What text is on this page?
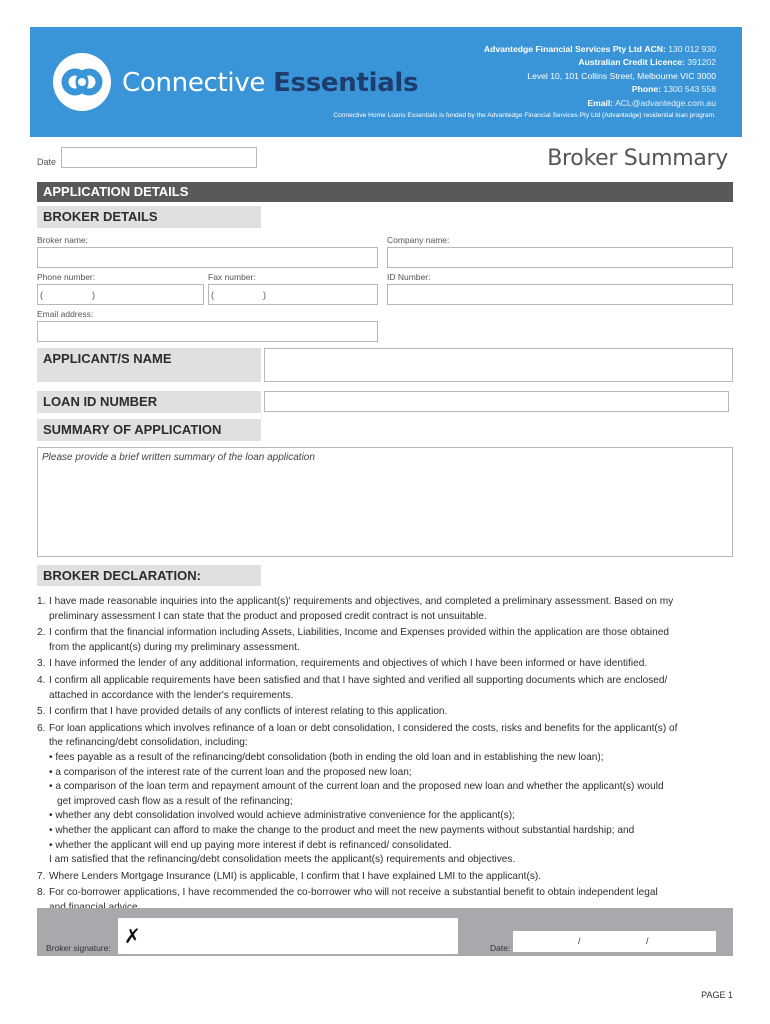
Connective Essentials
Advantedge Financial Services Pty Ltd ACN: 130 012 930
Australian Credit Licence: 391202
Level 10, 101 Collins Street, Melbourne VIC 3000
Phone: 1300 543 558
Email: ACL@advantedge.com.au
Connective Home Loans Essentials is funded by the Advantedge Financial Services Pty Ltd (Advantedge) residential loan program.
Date	Broker Summary
APPLICATION DETAILS
BROKER DETAILS
Broker name:	Company name:
Phone number:
(	)
Fax number:
(	)
ID Number:
Email address:
APPLICANT/S NAME
LOAN ID NUMBER
SUMMARY OF APPLICATION
Please provide a brief written summary of the loan application
BROKER DECLARATION:
1. I have made reasonable inquiries into the applicant(s)' requirements and objectives, and completed a preliminary assessment. Based on my
preliminary assessment I can state that the product and proposed credit contract is not unsuitable.
2. I confirm that the financial information including Assets, Liabilities, Income and Expenses provided within the application are those obtained
from the applicant(s) during my preliminary assessment.
3. I have informed the lender of any additional information, requirements and objectives of which I have been informed or have identified.
4. I confirm all applicable requirements have been satisfied and that I have sighted and verified all supporting documents which are enclosed/
attached in accordance with the lender's requirements.
5. I confirm that I have provided details of any conflicts of interest relating to this application.
6. For loan applications which involves refinance of a loan or debt consolidation, I considered the costs, risks and benefits for the applicant(s) of
the refinancing/debt consolidation, including:
• fees payable as a result of the refinancing/debt consolidation (both in ending the old loan and in establishing the new loan);
• a comparison of the interest rate of the current loan and the proposed new loan;
• a comparison of the loan term and repayment amount of the current loan and the proposed new loan and whether the applicant(s) would
get improved cash flow as a result of the refinancing;
• whether any debt consolidation involved would achieve administrative convenience for the applicant(s);
• whether the applicant can afford to make the change to the product and meet the new payments without substantial hardship; and
• whether the applicant will end up paying more interest if debt is refinanced/ consolidated.
I am satisfied that the refinancing/debt consolidation meets the applicant(s) requirements and objectives.
7. Where Lenders Mortgage Insurance (LMI) is applicable, I confirm that I have explained LMI to the applicant(s).
8. For co-borrower applications, I have recommended the co-borrower who will not receive a substantial benefit to obtain independent legal
Broker signature: ✗	Date:
/	/
PAGE 1
